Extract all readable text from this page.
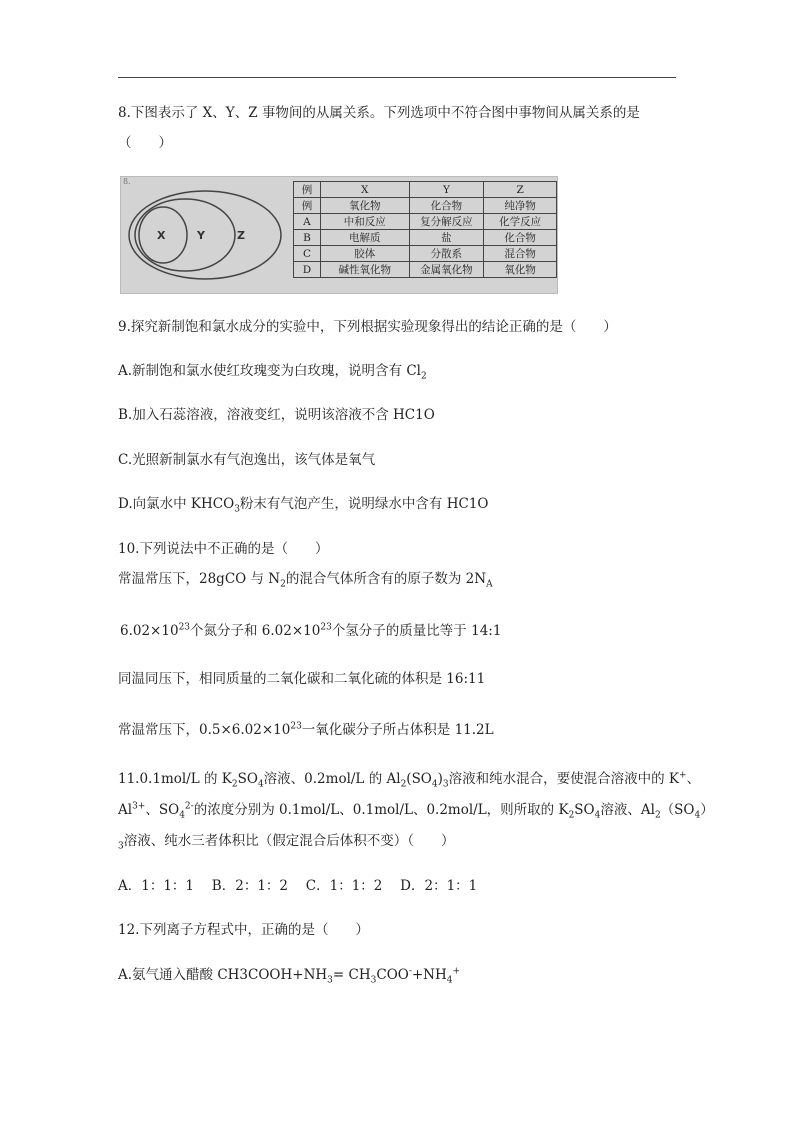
8.下图表示了 X、Y、Z 事物间的从属关系。下列选项中不符合图中事物间从属关系的是
（　　）
8.
X	Y	Z
例	X	Y	Z
例	氧化物	化合物	纯净物
A	中和反应	复分解反应	化学反应
B	电解质	盐	化合物
C	胶体	分散系	混合物
D	碱性氧化物	金属氧化物	氧化物
9.探究新制饱和氯水成分的实验中，下列根据实验现象得出的结论正确的是（　　）
A.新制饱和氯水使红玫瑰变为白玫瑰，说明含有 $Cl_2$
B.加入石蕊溶液，溶液变红，说明该溶液不含 HC1O
C.光照新制氯水有气泡逸出，该气体是氧气
D.向氯水中 $KHCO_3$粉末有气泡产生，说明绿水中含有 HC1O
10.下列说法中不正确的是（　　）
常温常压下，28gCO 与 $N_2$的混合气体所含有的原子数为 $2N_A$
$6.02\times 10^{23}$个氮分子和 $6.02\times 10^{23}$个氢分子的质量比等于 14:1
同温同压下，相同质量的二氧化碳和二氧化硫的体积是 16:11
常温常压下，$0.5\times 6.02\times 10^{23}$一氧化碳分子所占体积是 11.2L
11.0.1mol/L 的 $K_2SO_4$溶液、0.2mol/L 的 $Al_2(SO_4)_3$溶液和纯水混合，要使混合溶液中的 K+、
$Al^{3+}$、$SO_4^{2-}$的浓度分别为 0.1mol/L、0.1mol/L、0.2mol/L，则所取的 $K_2SO_4$溶液、$Al_2(SO_4)$
$_3$溶液、纯水三者体积比（假定混合后体积不变）（　　）
A．1：1：1　 B．2：1：2　 C．1：1：2　 D．2：1：1
12.下列离子方程式中，正确的是（　　）
A.氨气通入醋酸 $CH3COOH+NH_3= CH_3COO^-+NH_4^+$
